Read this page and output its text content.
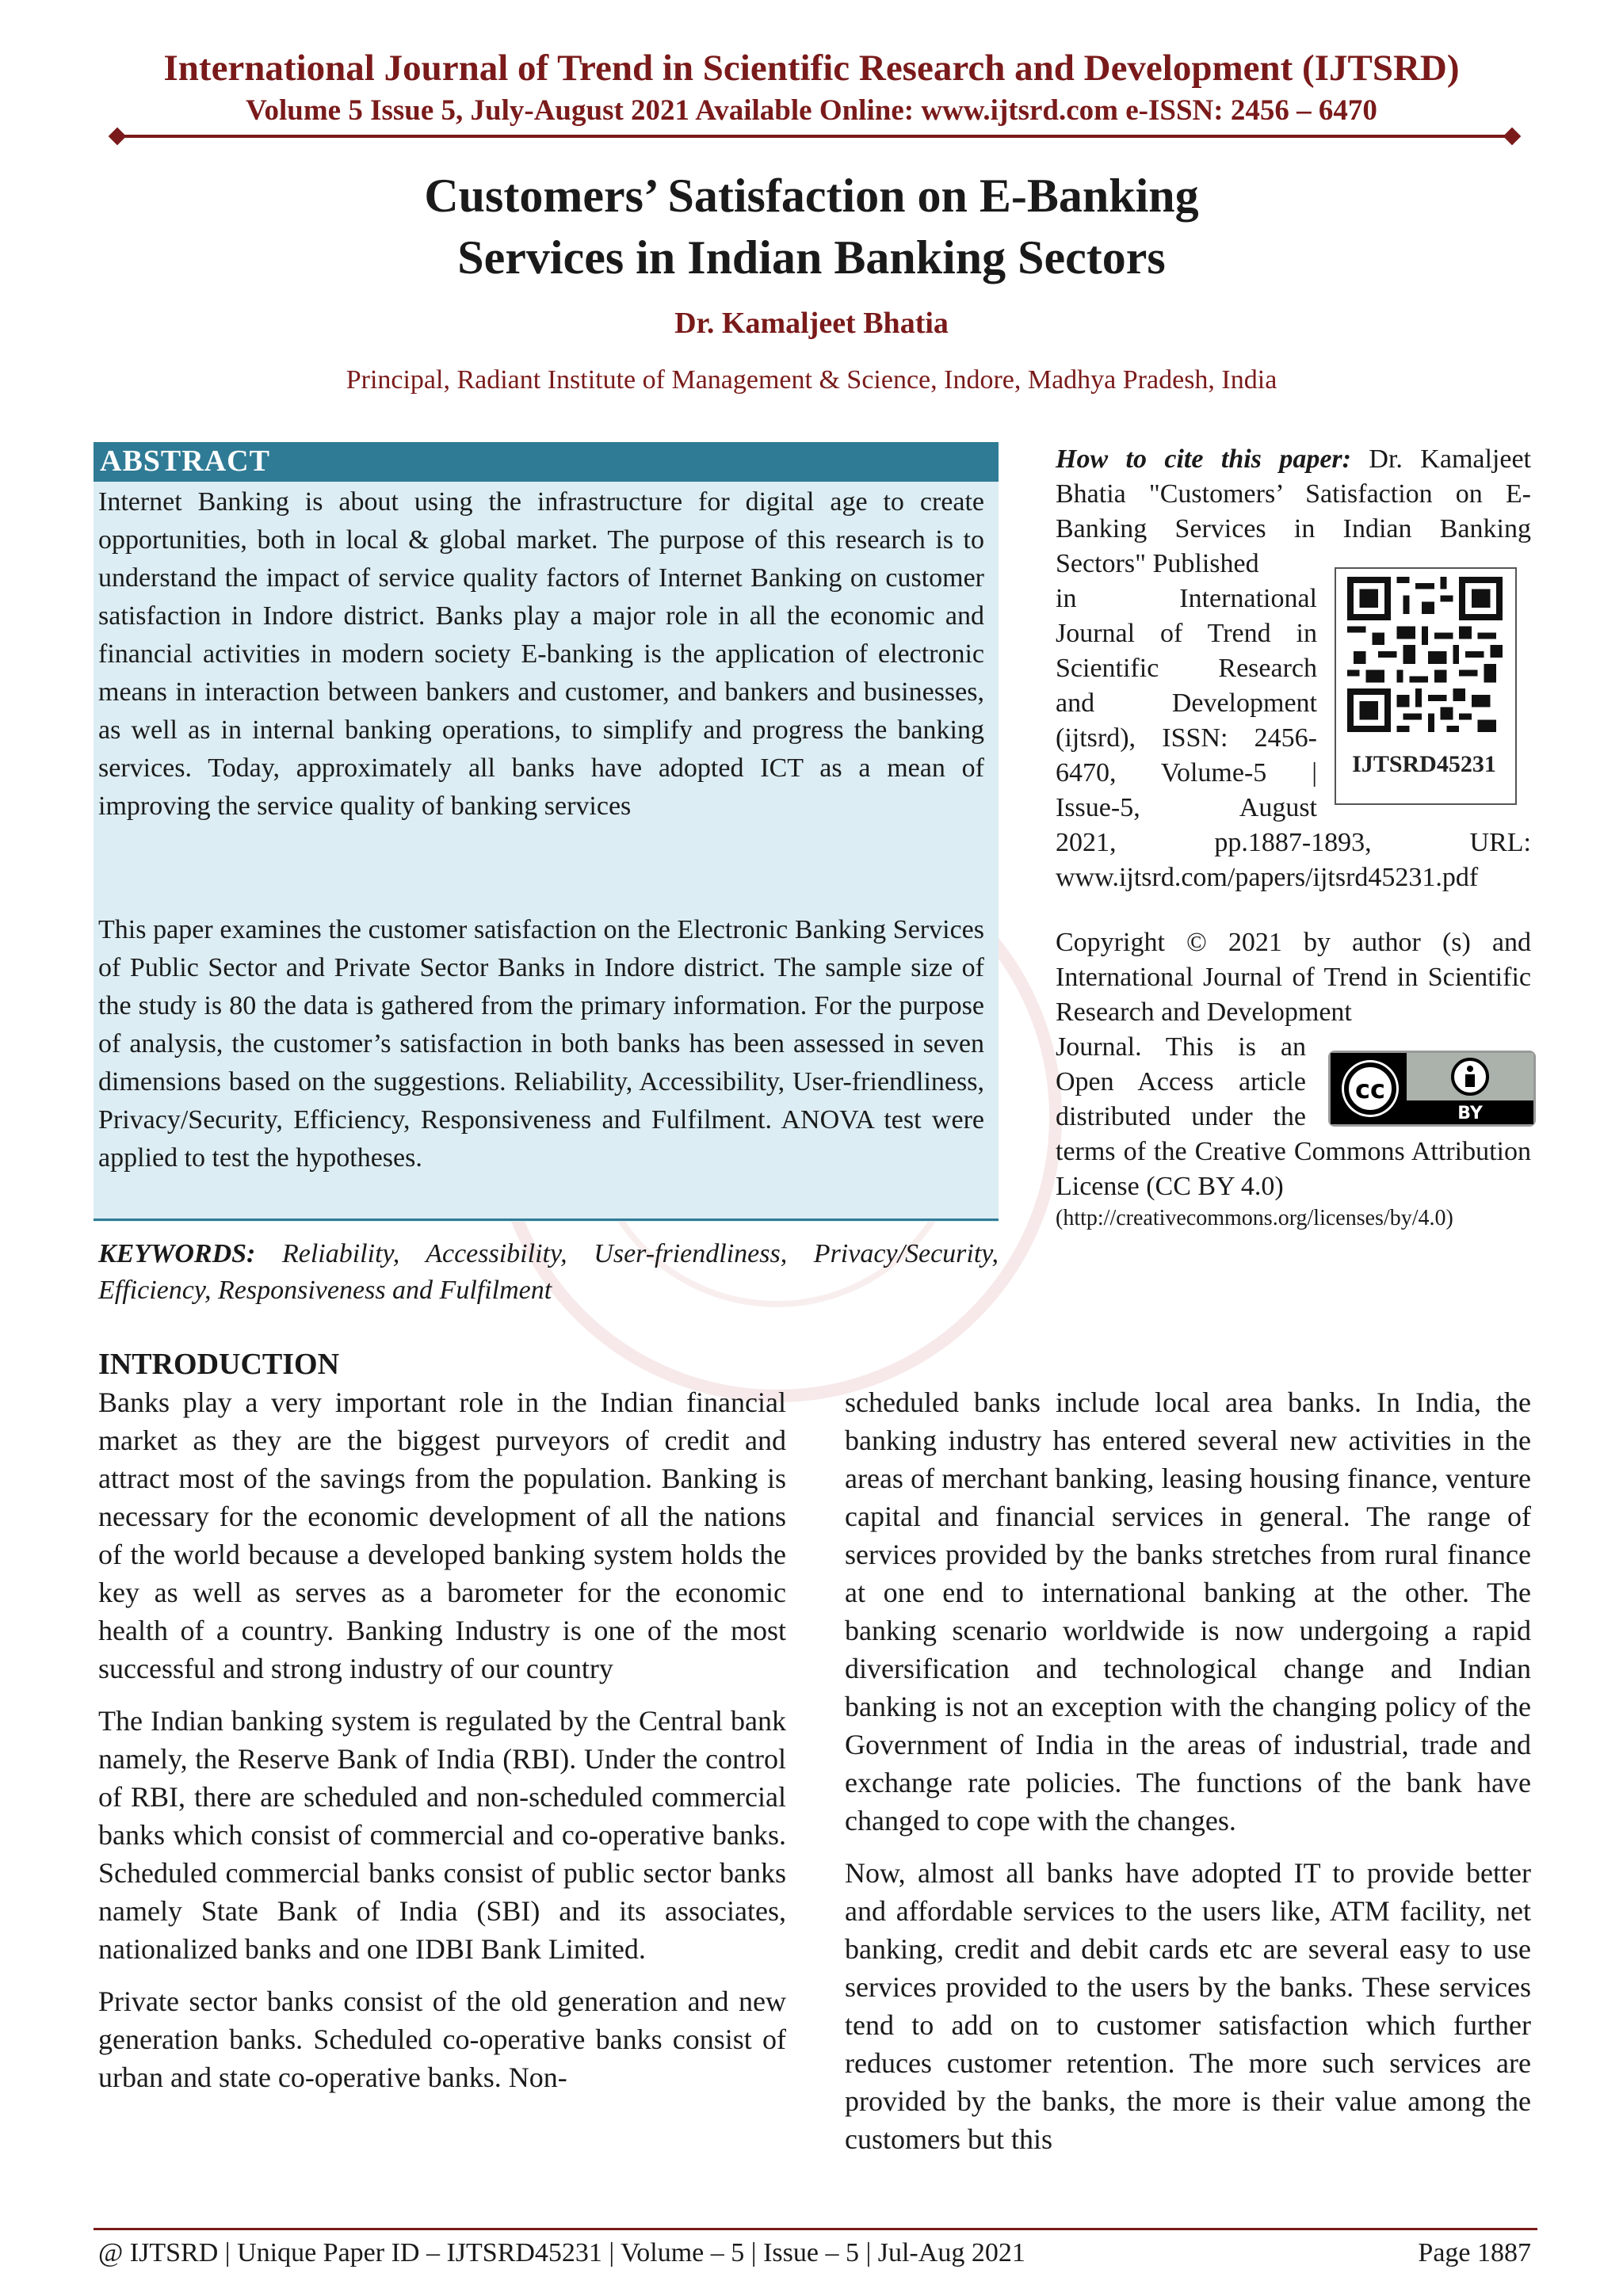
International Journal of Trend in Scientific Research and Development (IJTSRD)
Volume 5 Issue 5, July-August 2021 Available Online: www.ijtsrd.com e-ISSN: 2456 – 6470
Customers’ Satisfaction on E-Banking
Services in Indian Banking Sectors
Dr. Kamaljeet Bhatia
Principal, Radiant Institute of Management & Science, Indore, Madhya Pradesh, India
ABSTRACT
Internet Banking is about using the infrastructure for digital age to create opportunities, both in local & global market. The purpose of this research is to understand the impact of service quality factors of Internet Banking on customer satisfaction in Indore district. Banks play a major role in all the economic and financial activities in modern society E-banking is the application of electronic means in interaction between bankers and customer, and bankers and businesses, as well as in internal banking operations, to simplify and progress the banking services. Today, approximately all banks have adopted ICT as a mean of improving the service quality of banking services
This paper examines the customer satisfaction on the Electronic Banking Services of Public Sector and Private Sector Banks in Indore district. The sample size of the study is 80 the data is gathered from the primary information. For the purpose of analysis, the customer’s satisfaction in both banks has been assessed in seven dimensions based on the suggestions. Reliability, Accessibility, User-friendliness, Privacy/Security, Efficiency, Responsiveness and Fulfilment. ANOVA test were applied to test the hypotheses.
KEYWORDS: Reliability, Accessibility, User-friendliness, Privacy/Security, Efficiency, Responsiveness and Fulfilment
How to cite this paper: Dr. Kamaljeet Bhatia "Customers’ Satisfaction on E-Banking Services in Indian Banking Sectors" Published
in International
Journal of Trend in
Scientific Research
and Development
(ijtsrd), ISSN: 2456-
6470, Volume-5 |
Issue-5, August
2021, pp.1887-1893, URL: www.ijtsrd.com/papers/ijtsrd45231.pdf
IJTSRD45231
Copyright © 2021 by author (s) and International Journal of Trend in Scientific Research and Development
Journal. This is an
Open Access article
distributed under the
terms of the Creative Commons Attribution License (CC BY 4.0)
(http://creativecommons.org/licenses/by/4.0)
cc
BY
INTRODUCTION

Banks play a very important role in the Indian financial market as they are the biggest purveyors of credit and attract most of the savings from the population. Banking is necessary for the economic development of all the nations of the world because a developed banking system holds the key as well as serves as a barometer for the economic health of a country. Banking Industry is one of the most successful and strong industry of our country

The Indian banking system is regulated by the Central bank namely, the Reserve Bank of India (RBI). Under the control of RBI, there are scheduled and non-scheduled commercial banks which consist of commercial and co-operative banks. Scheduled commercial banks consist of public sector banks namely State Bank of India (SBI) and its associates, nationalized banks and one IDBI Bank Limited.

Private sector banks consist of the old generation and new generation banks. Scheduled co-operative banks consist of urban and state co-operative banks. Non-

scheduled banks include local area banks. In India, the banking industry has entered several new activities in the areas of merchant banking, leasing housing finance, venture capital and financial services in general. The range of services provided by the banks stretches from rural finance at one end to international banking at the other. The banking scenario worldwide is now undergoing a rapid diversification and technological change and Indian banking is not an exception with the changing policy of the Government of India in the areas of industrial, trade and exchange rate policies. The functions of the bank have changed to cope with the changes.

Now, almost all banks have adopted IT to provide better and affordable services to the users like, ATM facility, net banking, credit and debit cards etc are several easy to use services provided to the users by the banks. These services tend to add on to customer satisfaction which further reduces customer retention. The more such services are provided by the banks, the more is their value among the customers but this

@ IJTSRD | Unique Paper ID – IJTSRD45231 | Volume – 5 | Issue – 5 | Jul-Aug 2021	Page 1887
